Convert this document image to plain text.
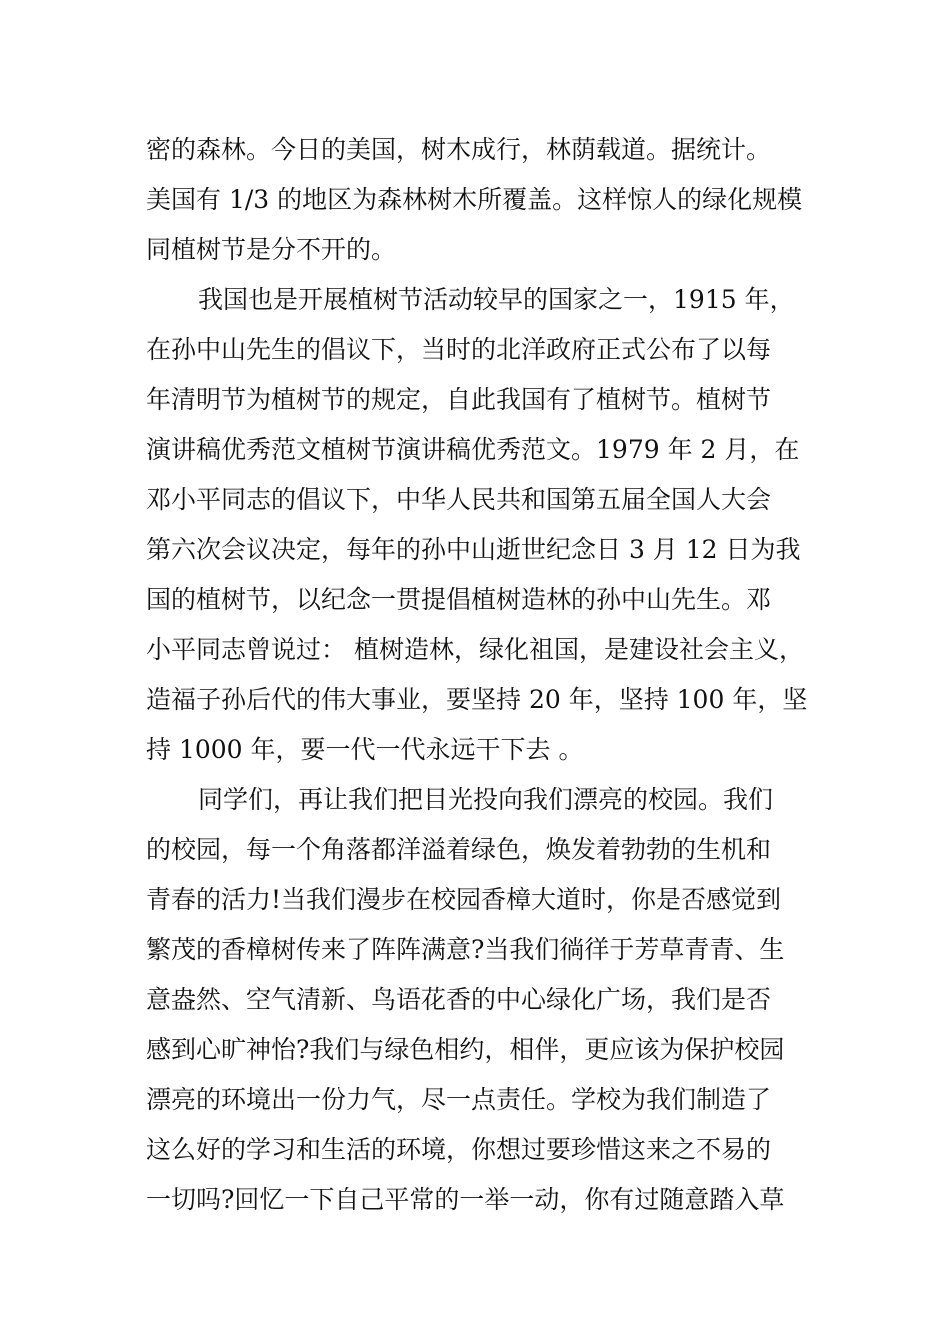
密的森林。今日的美国，树木成行，林荫载道。据统计。
美国有 1/3 的地区为森林树木所覆盖。这样惊人的绿化规模
同植树节是分不开的。
我国也是开展植树节活动较早的国家之一，1915 年，
在孙中山先生的倡议下，当时的北洋政府正式公布了以每
年清明节为植树节的规定，自此我国有了植树节。植树节
演讲稿优秀范文植树节演讲稿优秀范文。1979 年 2 月，在
邓小平同志的倡议下，中华人民共和国第五届全国人大会
第六次会议决定，每年的孙中山逝世纪念日 3 月 12 日为我
国的植树节，以纪念一贯提倡植树造林的孙中山先生。邓
小平同志曾说过： 植树造林，绿化祖国，是建设社会主义，
造福子孙后代的伟大事业，要坚持 20 年，坚持 100 年，坚
持 1000 年，要一代一代永远干下去 。
同学们，再让我们把目光投向我们漂亮的校园。我们
的校园，每一个角落都洋溢着绿色，焕发着勃勃的生机和
青春的活力!当我们漫步在校园香樟大道时，你是否感觉到
繁茂的香樟树传来了阵阵满意?当我们徜徉于芳草青青、生
意盎然、空气清新、鸟语花香的中心绿化广场，我们是否
感到心旷神怡?我们与绿色相约，相伴，更应该为保护校园
漂亮的环境出一份力气，尽一点责任。学校为我们制造了
这么好的学习和生活的环境，你想过要珍惜这来之不易的
一切吗?回忆一下自己平常的一举一动，你有过随意踏入草
